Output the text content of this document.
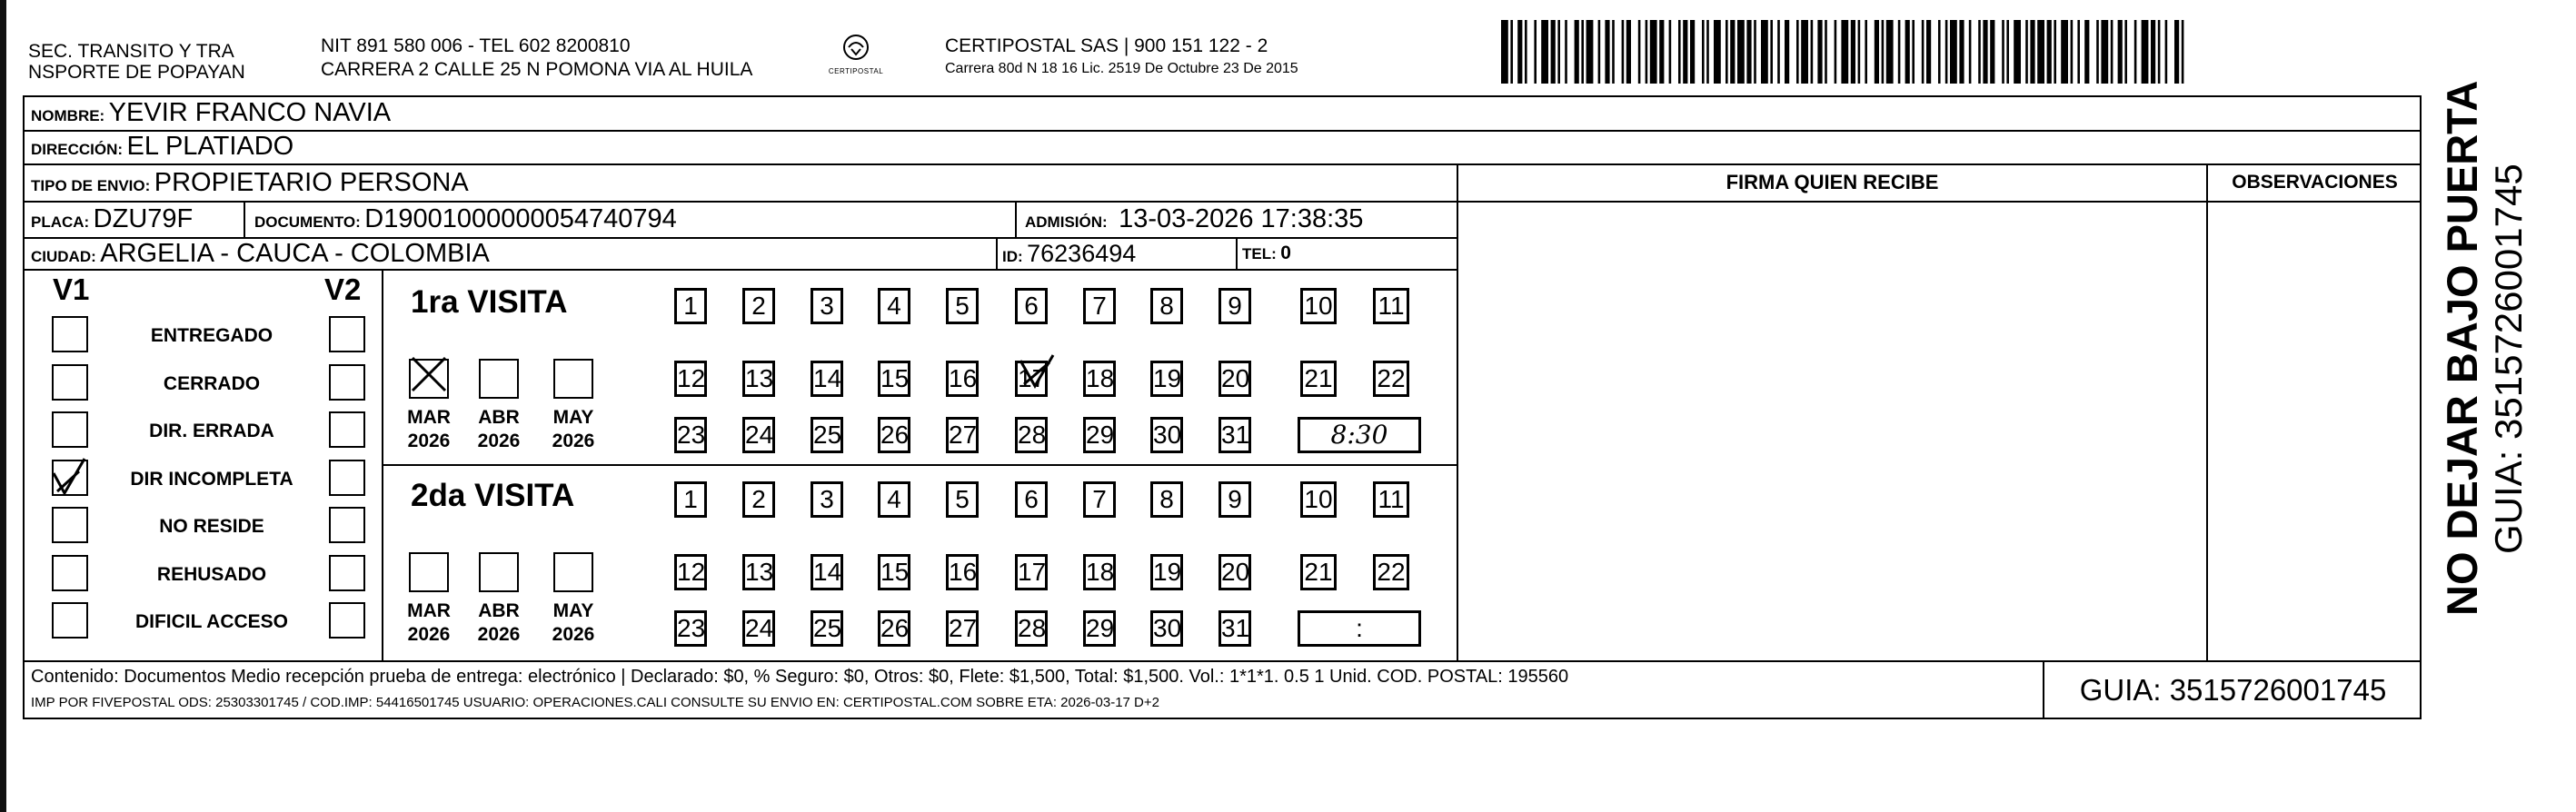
SEC. TRANSITO Y TRA
NSPORTE DE POPAYAN
NIT 891 580 006 - TEL 602 8200810
CARRERA 2 CALLE 25 N POMONA VIA AL HUILA	CERTIPOSTAL
CERTIPOSTAL SAS | 900 151 122 - 2
Carrera 80d N 18 16 Lic. 2519 De Octubre 23 De 2015
NOMBRE: YEVIR FRANCO NAVIA
DIRECCIÓN: EL PLATIADO
TIPO DE ENVIO: PROPIETARIO PERSONA	FIRMA QUIEN RECIBE	OBSERVACIONES
PLACA: DZU79F	DOCUMENTO: D19001000000054740794	ADMISIÓN: 13-03-2026 17:38:35
CIUDAD: ARGELIA - CAUCA - COLOMBIA	ID: 76236494	TEL: 0
V1	V2
ENTREGADO
CERRADO
DIR. ERRADA
DIR INCOMPLETA
NO RESIDE
REHUSADO
DIFICIL ACCESO
1ra VISITA
2da VISITA
MAR
2026
ABR
2026
MAY
2026
1	2	3	4	5	6	7	8	9	10 11
12 13 14 15 16 17 18 19 20 21 22
23 24 25 26 27 28 29 30 31	8:30
MAR
2026
ABR
2026
MAY
2026
1	2	3	4	5	6	7	8	9	10 11
12 13 14 15 16 17 18 19 20 21 22
23 24 25 26 27 28 29 30 31	:
Contenido: Documentos Medio recepción prueba de entrega: electrónico | Declarado: $0, % Seguro: $0, Otros: $0, Flete: $1,500, Total: $1,500. Vol.: 1*1*1. 0.5 1 Unid. COD. POSTAL: 195560
IMP POR FIVEPOSTAL ODS: 25303301745 / COD.IMP: 54416501745 USUARIO: OPERACIONES.CALI CONSULTE SU ENVIO EN: CERTIPOSTAL.COM SOBRE ETA: 2026-03-17 D+2	GUIA: 3515726001745
NO DEJAR BAJO PUERTA GUIA: 3515726001745
